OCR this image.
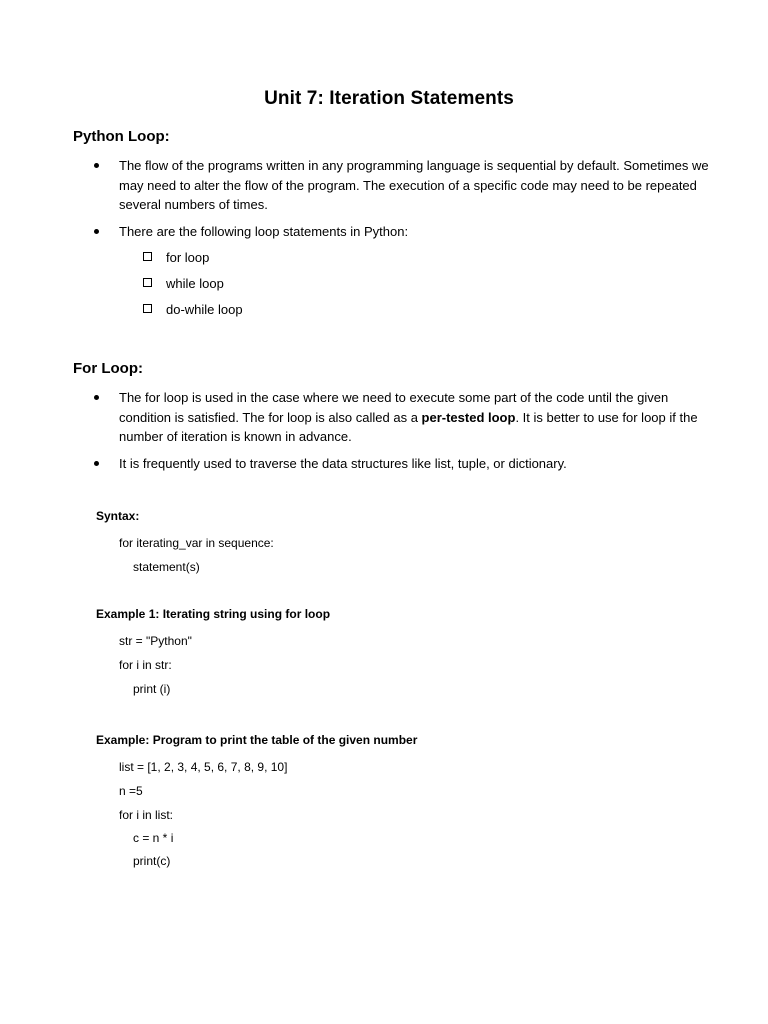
Unit 7: Iteration Statements
Python Loop:
The flow of the programs written in any programming language is sequential by default. Sometimes we may need to alter the flow of the program. The execution of a specific code may need to be repeated several numbers of times.
There are the following loop statements in Python:
for loop
while loop
do-while loop
For Loop:
The for loop is used in the case where we need to execute some part of the code until the given condition is satisfied. The for loop is also called as a per-tested loop. It is better to use for loop if the number of iteration is known in advance.
It is frequently used to traverse the data structures like list, tuple, or dictionary.
Syntax:
for iterating_var in sequence:
statement(s)
Example 1: Iterating string using for loop
str = "Python"
for i in str:
print (i)
Example: Program to print the table of the given number
list = [1, 2, 3, 4, 5, 6, 7, 8, 9, 10]
n =5
for i in list:
c = n * i
print(c)
